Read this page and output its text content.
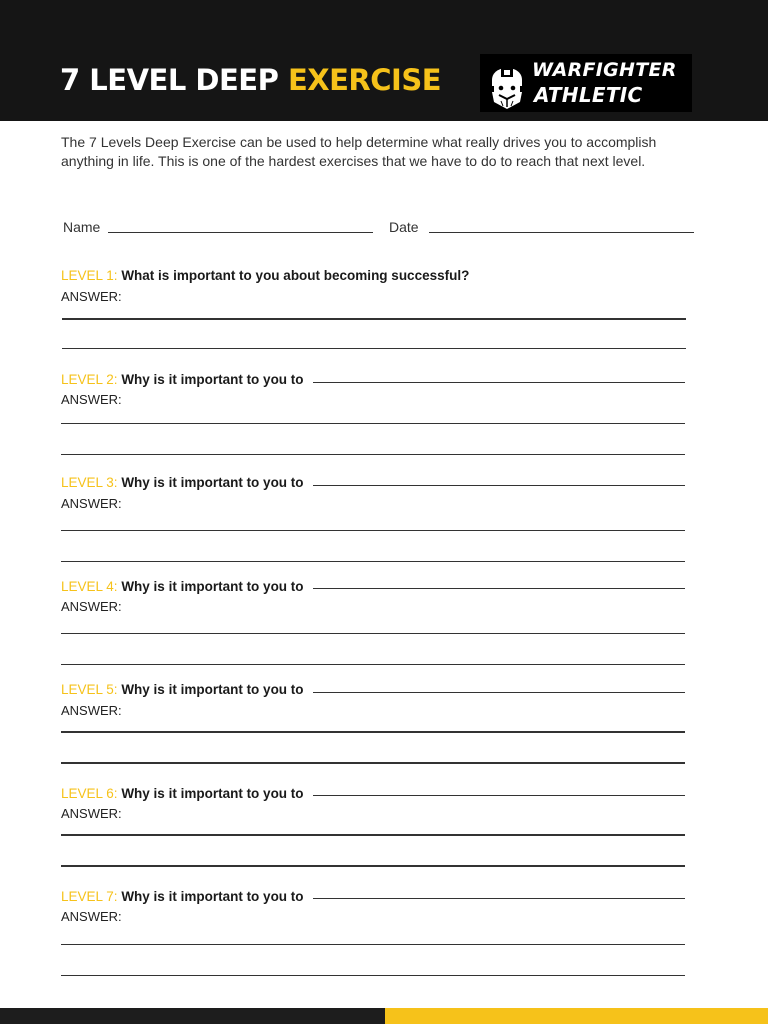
7 LEVEL DEEP EXERCISE	WARFIGHTER
ATHLETIC

The 7 Levels Deep Exercise can be used to help determine what really drives you to accomplish anything in life. This is one of the hardest exercises that we have to do to reach that next level.

Name	Date
LEVEL 1: What is important to you about becoming successful?
ANSWER:
LEVEL 2: Why is it important to you to
ANSWER:
LEVEL 3: Why is it important to you to
ANSWER:
LEVEL 4: Why is it important to you to
ANSWER:
LEVEL 5: Why is it important to you to
ANSWER:
LEVEL 6: Why is it important to you to
ANSWER:
LEVEL 7: Why is it important to you to
ANSWER:
